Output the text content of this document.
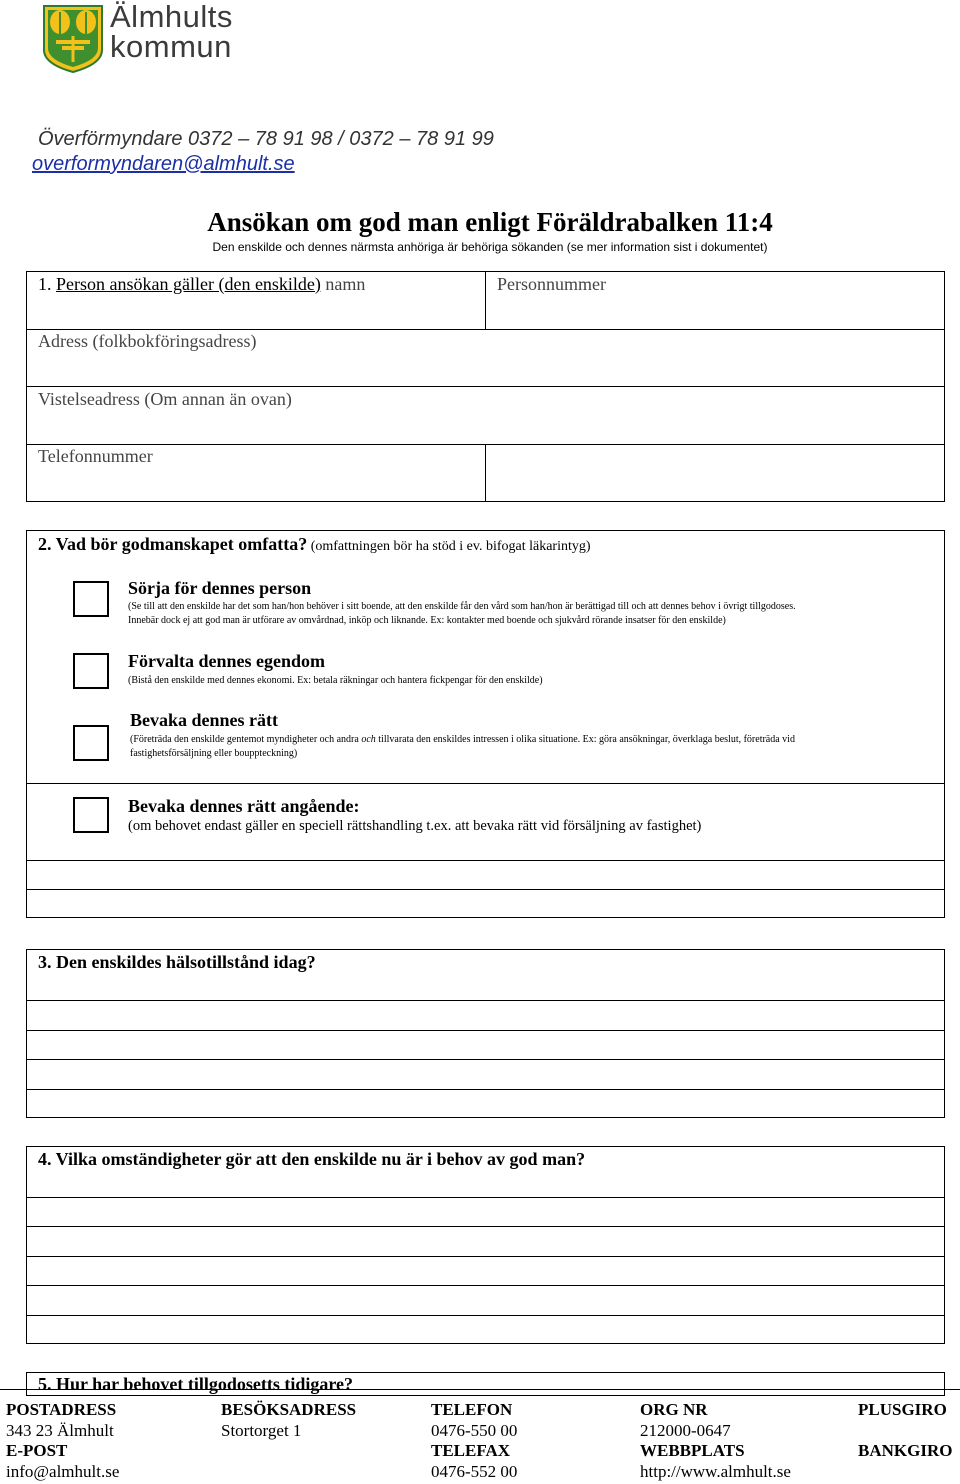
Älmhults
kommun
Överförmyndare 0372 – 78 91 98 / 0372 – 78 91 99
overformyndaren@almhult.se
Ansökan om god man enligt Föräldrabalken 11:4
Den enskilde och dennes närmsta anhöriga är behöriga sökanden (se mer information sist i dokumentet)
1. Person ansökan gäller (den enskilde) namn	Personnummer
Adress (folkbokföringsadress)
Vistelseadress (Om annan än ovan)
Telefonnummer
2. Vad bör godmanskapet omfatta? (omfattningen bör ha stöd i ev. bifogat läkarintyg)
Sörja för dennes person
(Se till att den enskilde har det som han/hon behöver i sitt boende, att den enskilde får den vård som han/hon är berättigad till och att dennes behov i övrigt tillgodoses.
Innebär dock ej att god man är utförare av omvårdnad, inköp och liknande. Ex: kontakter med boende och sjukvård rörande insatser för den enskilde)
Förvalta dennes egendom
(Bistå den enskilde med dennes ekonomi. Ex: betala räkningar och hantera fickpengar för den enskilde)
Bevaka dennes rätt
(Företräda den enskilde gentemot myndigheter och andra och tillvarata den enskildes intressen i olika situatione. Ex: göra ansökningar, överklaga beslut, företräda vid
fastighetsförsäljning eller bouppteckning)
Bevaka dennes rätt angående:
(om behovet endast gäller en speciell rättshandling t.ex. att bevaka rätt vid försäljning av fastighet)
3. Den enskildes hälsotillstånd idag?
4. Vilka omständigheter gör att den enskilde nu är i behov av god man?
5. Hur har behovet tillgodosetts tidigare?
POSTADRESS
343 23 Älmhult
E-POST
info@almhult.se
BESÖKSADRESS
Stortorget 1
TELEFON
0476-550 00
TELEFAX
0476-552 00
ORG NR
212000-0647
WEBBPLATS
http://www.almhult.se
PLUSGIRO

BANKGIRO
